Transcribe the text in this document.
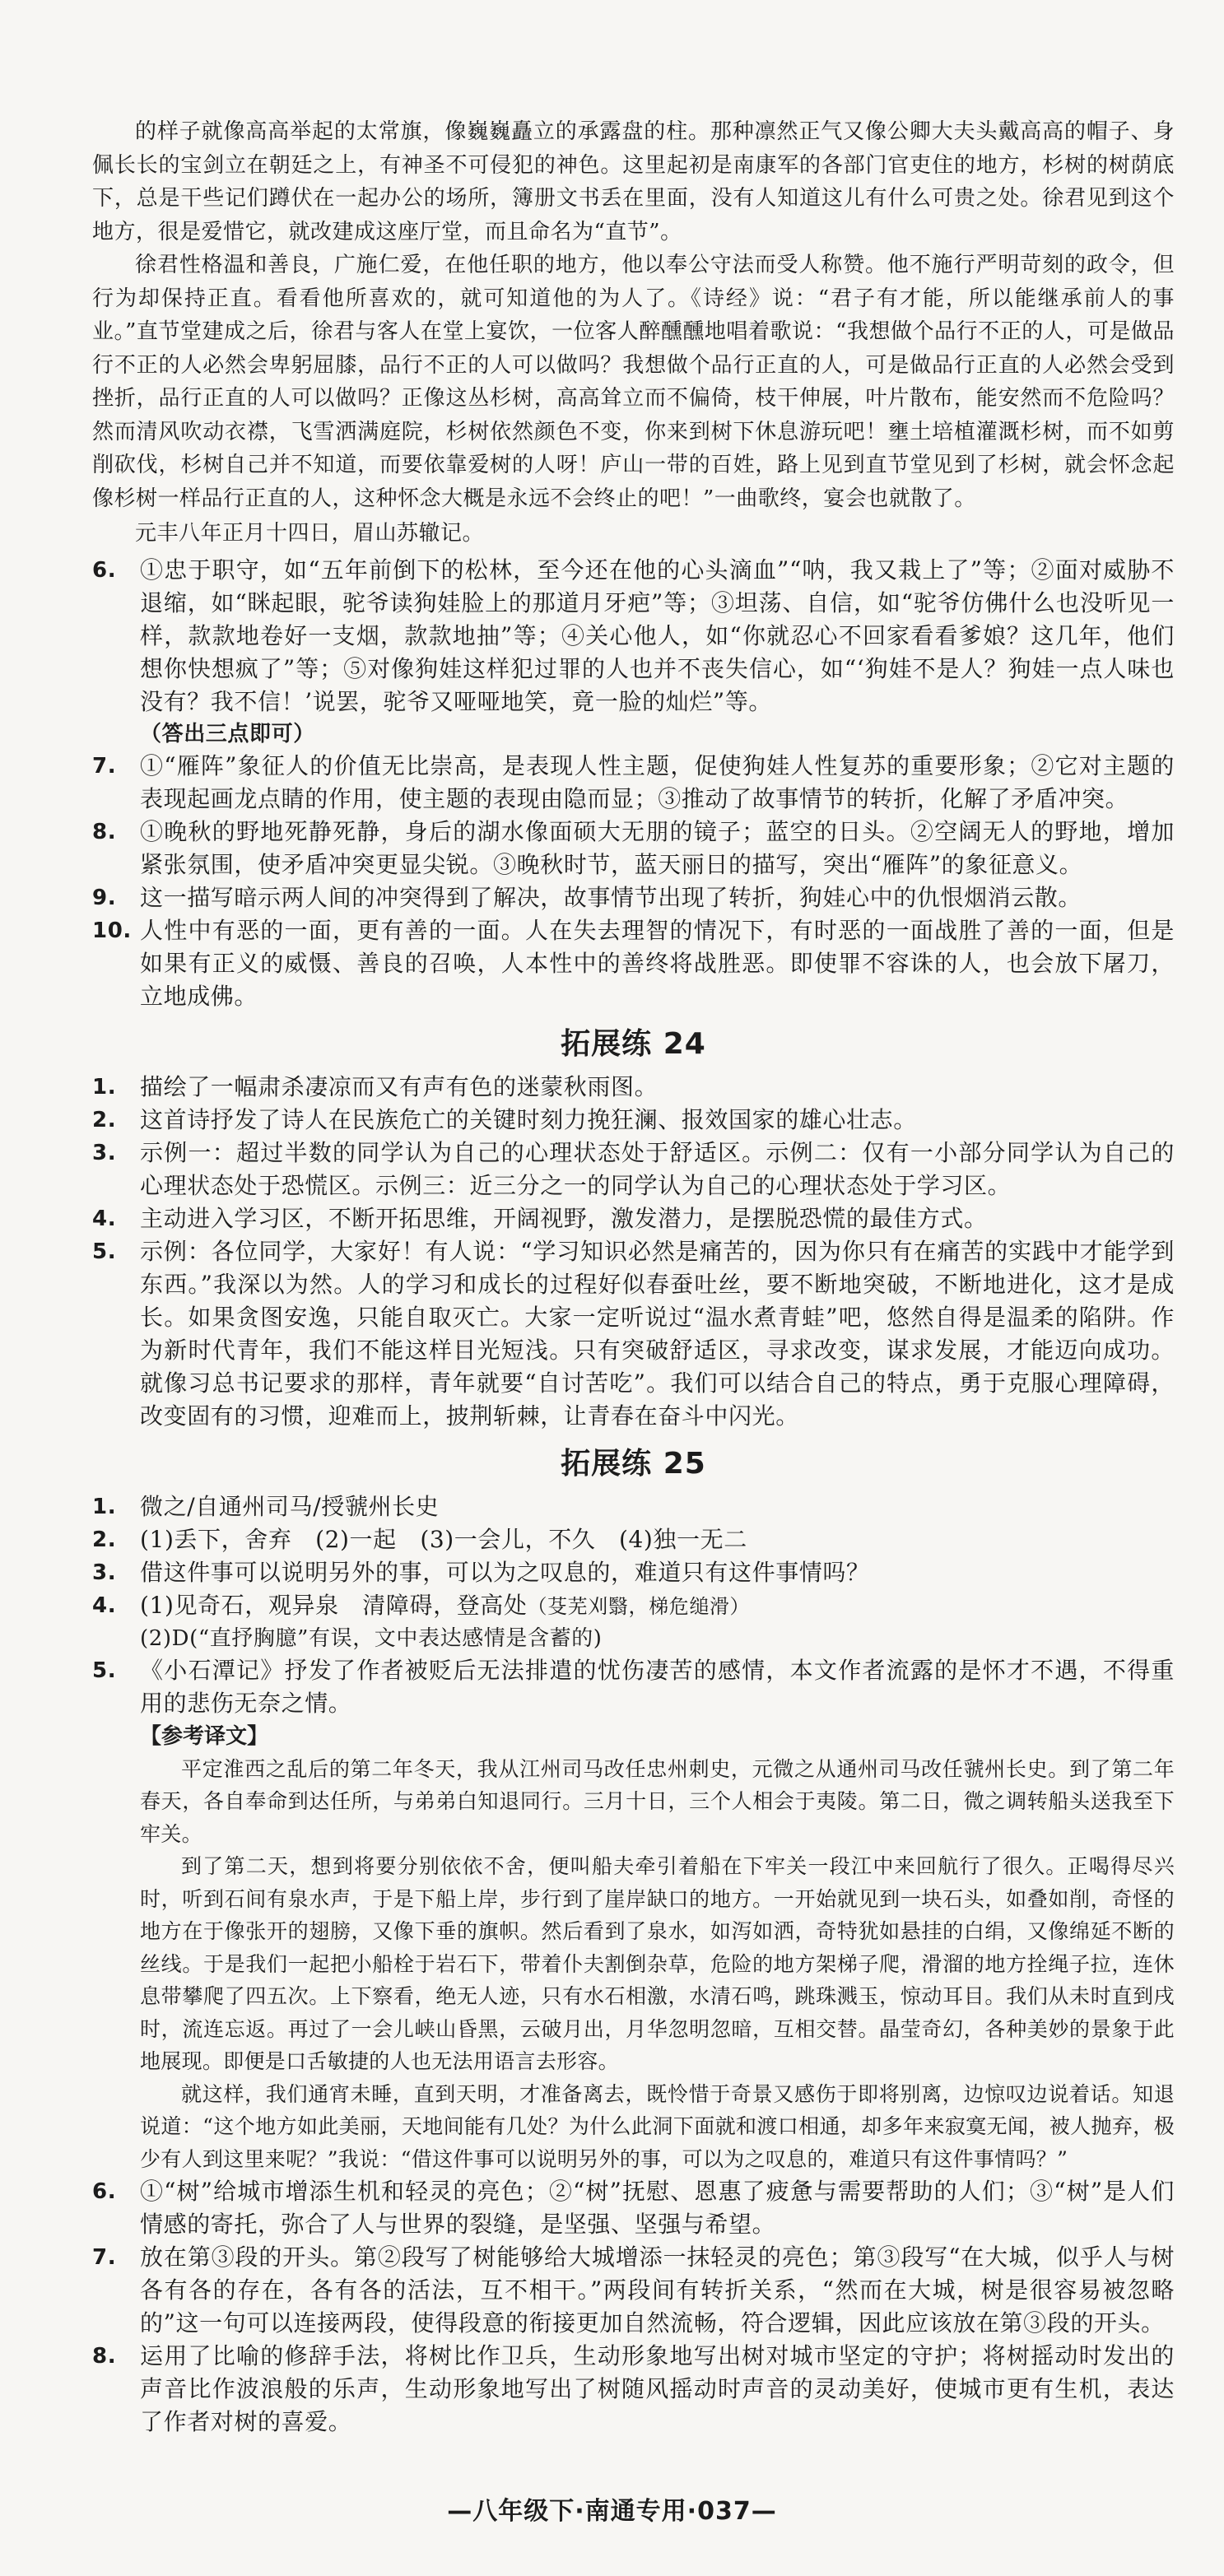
的样子就像高高举起的太常旗，像巍巍矗立的承露盘的柱。那种凛然正气又像公卿大夫头戴高高的帽子、身佩长长的宝剑立在朝廷之上，有神圣不可侵犯的神色。这里起初是南康军的各部门官吏住的地方，杉树的树荫底下，总是干些记们蹲伏在一起办公的场所，簿册文书丢在里面，没有人知道这儿有什么可贵之处。徐君见到这个地方，很是爱惜它，就改建成这座厅堂，而且命名为“直节”。

徐君性格温和善良，广施仁爱，在他任职的地方，他以奉公守法而受人称赞。他不施行严明苛刻的政令，但行为却保持正直。看看他所喜欢的，就可知道他的为人了。《诗经》说：“君子有才能，所以能继承前人的事业。”直节堂建成之后，徐君与客人在堂上宴饮，一位客人醉醺醺地唱着歌说：“我想做个品行不正的人，可是做品行不正的人必然会卑躬屈膝，品行不正的人可以做吗？我想做个品行正直的人，可是做品行正直的人必然会受到挫折，品行正直的人可以做吗？正像这丛杉树，高高耸立而不偏倚，枝干伸展，叶片散布，能安然而不危险吗？然而清风吹动衣襟，飞雪洒满庭院，杉树依然颜色不变，你来到树下休息游玩吧！壅土培植灌溉杉树，而不如剪削砍伐，杉树自己并不知道，而要依靠爱树的人呀！庐山一带的百姓，路上见到直节堂见到了杉树，就会怀念起像杉树一样品行正直的人，这种怀念大概是永远不会终止的吧！”一曲歌终，宴会也就散了。

元丰八年正月十四日，眉山苏辙记。

6.	①忠于职守，如“五年前倒下的松林，至今还在他的心头滴血”“呐，我又栽上了”等；②面对威胁不退缩，如“眯起眼，驼爷读狗娃脸上的那道月牙疤”等；③坦荡、自信，如“驼爷仿佛什么也没听见一样，款款地卷好一支烟，款款地抽”等；④关心他人，如“你就忍心不回家看看爹娘？这几年，他们想你快想疯了”等；⑤对像狗娃这样犯过罪的人也并不丧失信心，如“‘狗娃不是人？狗娃一点人味也没有？我不信！’说罢，驼爷又哑哑地笑，竟一脸的灿烂”等。
（答出三点即可）
7.	①“雁阵”象征人的价值无比崇高，是表现人性主题，促使狗娃人性复苏的重要形象；②它对主题的表现起画龙点睛的作用，使主题的表现由隐而显；③推动了故事情节的转折，化解了矛盾冲突。
8.	①晚秋的野地死静死静，身后的湖水像面硕大无朋的镜子；蓝空的日头。②空阔无人的野地，增加紧张氛围，使矛盾冲突更显尖锐。③晚秋时节，蓝天丽日的描写，突出“雁阵”的象征意义。
9.	这一描写暗示两人间的冲突得到了解决，故事情节出现了转折，狗娃心中的仇恨烟消云散。
10. 人性中有恶的一面，更有善的一面。人在失去理智的情况下，有时恶的一面战胜了善的一面，但是如果有正义的威慑、善良的召唤，人本性中的善终将战胜恶。即使罪不容诛的人，也会放下屠刀，立地成佛。
拓展练 24
1.	描绘了一幅肃杀凄凉而又有声有色的迷蒙秋雨图。
2.	这首诗抒发了诗人在民族危亡的关键时刻力挽狂澜、报效国家的雄心壮志。
3.	示例一：超过半数的同学认为自己的心理状态处于舒适区。示例二：仅有一小部分同学认为自己的心理状态处于恐慌区。示例三：近三分之一的同学认为自己的心理状态处于学习区。
4.	主动进入学习区，不断开拓思维，开阔视野，激发潜力，是摆脱恐慌的最佳方式。
5.	示例：各位同学，大家好！有人说：“学习知识必然是痛苦的，因为你只有在痛苦的实践中才能学到东西。”我深以为然。人的学习和成长的过程好似春蚕吐丝，要不断地突破，不断地进化，这才是成长。如果贪图安逸，只能自取灭亡。大家一定听说过“温水煮青蛙”吧，悠然自得是温柔的陷阱。作为新时代青年，我们不能这样目光短浅。只有突破舒适区，寻求改变，谋求发展，才能迈向成功。就像习总书记要求的那样，青年就要“自讨苦吃”。我们可以结合自己的特点，勇于克服心理障碍，改变固有的习惯，迎难而上，披荆斩棘，让青春在奋斗中闪光。
拓展练 25
1.	微之/自通州司马/授虢州长史
2.	(1)丢下，舍弃　(2)一起　(3)一会儿，不久　(4)独一无二
3.	借这件事可以说明另外的事，可以为之叹息的，难道只有这件事情吗？
4.	(1)见奇石，观异泉　清障碍，登高处（芟芜刈翳，梯危缒滑）
(2)D(“直抒胸臆”有误，文中表达感情是含蓄的)
5.	《小石潭记》抒发了作者被贬后无法排遣的忧伤凄苦的感情，本文作者流露的是怀才不遇，不得重用的悲伤无奈之情。
【参考译文】

平定淮西之乱后的第二年冬天，我从江州司马改任忠州刺史，元微之从通州司马改任虢州长史。到了第二年春天，各自奉命到达任所，与弟弟白知退同行。三月十日，三个人相会于夷陵。第二日，微之调转船头送我至下牢关。

到了第二天，想到将要分别依依不舍，便叫船夫牵引着船在下牢关一段江中来回航行了很久。正喝得尽兴时，听到石间有泉水声，于是下船上岸，步行到了崖岸缺口的地方。一开始就见到一块石头，如叠如削，奇怪的地方在于像张开的翅膀，又像下垂的旗帜。然后看到了泉水，如泻如洒，奇特犹如悬挂的白绢，又像绵延不断的丝线。于是我们一起把小船栓于岩石下，带着仆夫割倒杂草，危险的地方架梯子爬，滑溜的地方拴绳子拉，连休息带攀爬了四五次。上下察看，绝无人迹，只有水石相激，水清石鸣，跳珠溅玉，惊动耳目。我们从未时直到戌时，流连忘返。再过了一会儿峡山昏黑，云破月出，月华忽明忽暗，互相交替。晶莹奇幻，各种美妙的景象于此地展现。即便是口舌敏捷的人也无法用语言去形容。

就这样，我们通宵未睡，直到天明，才准备离去，既怜惜于奇景又感伤于即将别离，边惊叹边说着话。知退说道：“这个地方如此美丽，天地间能有几处？为什么此洞下面就和渡口相通，却多年来寂寞无闻，被人抛弃，极少有人到这里来呢？”我说：“借这件事可以说明另外的事，可以为之叹息的，难道只有这件事情吗？”

6.	①“树”给城市增添生机和轻灵的亮色；②“树”抚慰、恩惠了疲惫与需要帮助的人们；③“树”是人们情感的寄托，弥合了人与世界的裂缝，是坚强、坚强与希望。
7.	放在第③段的开头。第②段写了树能够给大城增添一抹轻灵的亮色；第③段写“在大城，似乎人与树各有各的存在，各有各的活法，互不相干。”两段间有转折关系，“然而在大城，树是很容易被忽略的”这一句可以连接两段，使得段意的衔接更加自然流畅，符合逻辑，因此应该放在第③段的开头。
8.	运用了比喻的修辞手法，将树比作卫兵，生动形象地写出树对城市坚定的守护；将树摇动时发出的声音比作波浪般的乐声，生动形象地写出了树随风摇动时声音的灵动美好，使城市更有生机，表达了作者对树的喜爱。
—八年级下·南通专用·037—
